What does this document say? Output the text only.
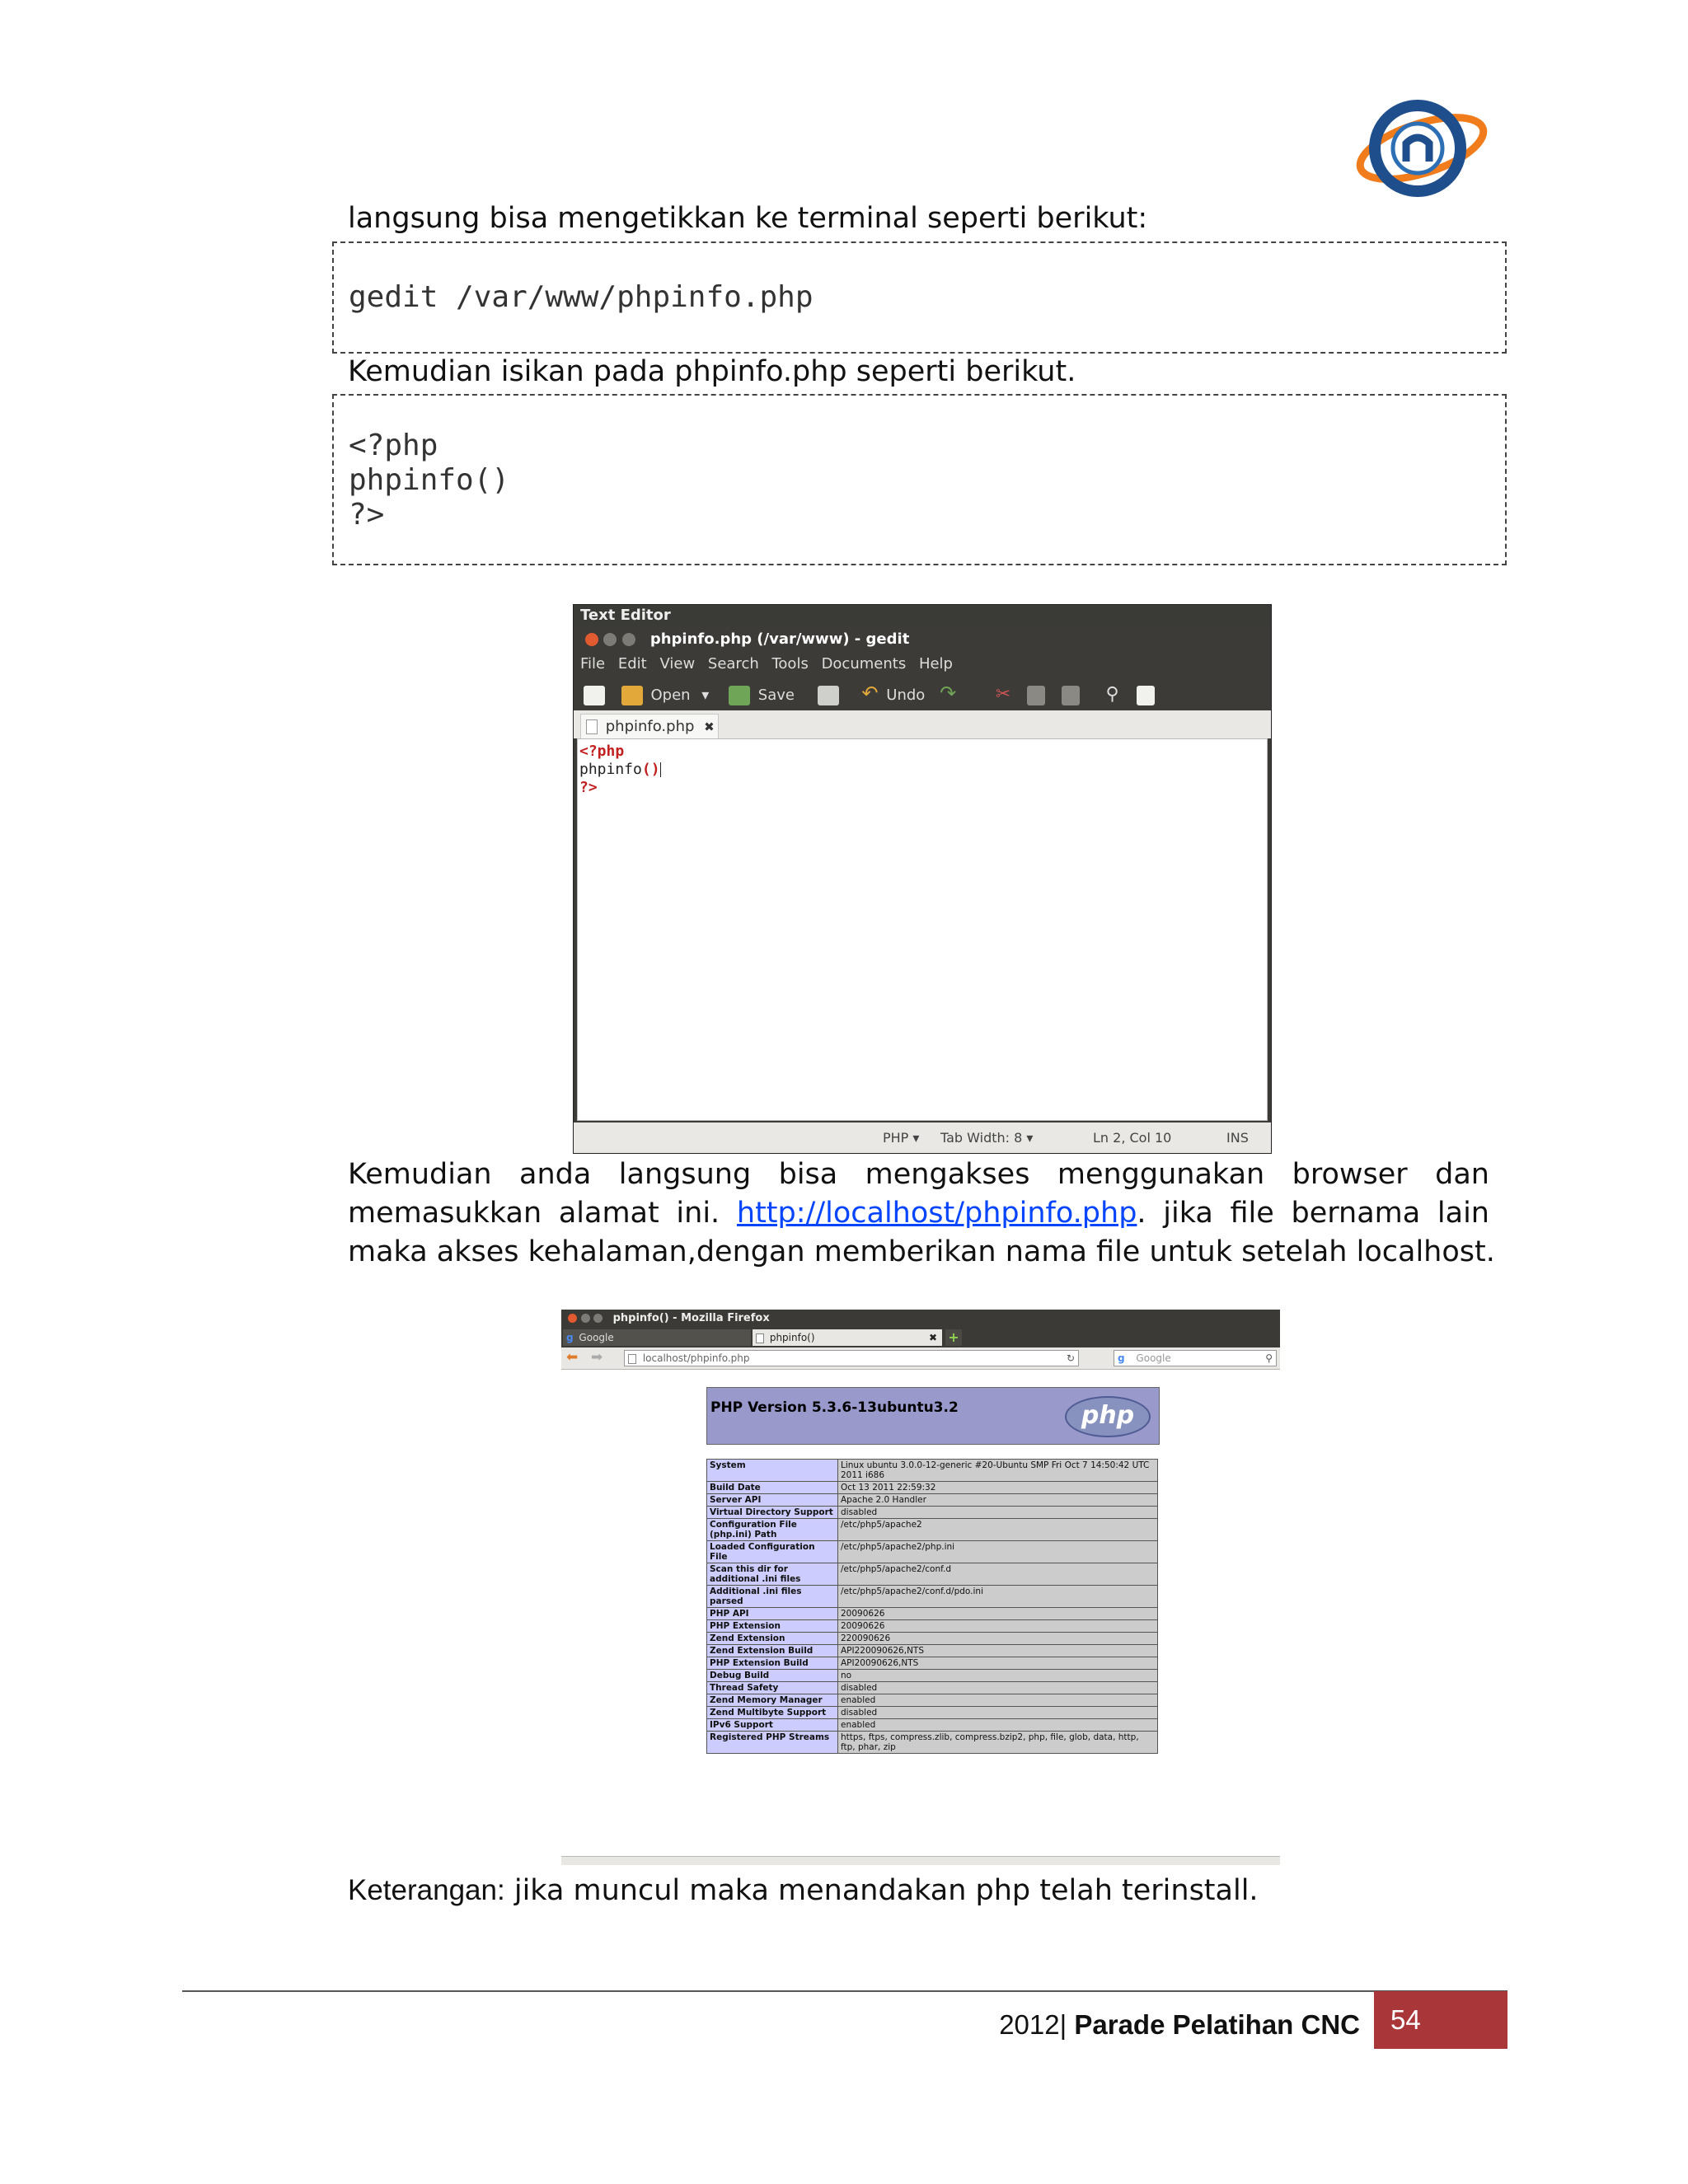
langsung bisa mengetikkan ke terminal seperti berikut:
gedit /var/www/phpinfo.php
Kemudian isikan pada phpinfo.php seperti berikut.
<?php
phpinfo()
?>
Text Editor
phpinfo.php (/var/www) - gedit
File Edit View Search Tools Documents Help
Open ▾	Save	↶ Undo ↷ ✂	⚲
phpinfo.php ✖
<?php
phpinfo()
?>
PHP ▾ Tab Width: 8 ▾	Ln 2, Col 10	INS
Kemudian anda langsung bisa mengakses menggunakan browser dan
memasukkan alamat ini. http://localhost/phpinfo.php. jika file bernama lain
maka akses kehalaman,dengan memberikan nama file untuk setelah localhost.
phpinfo() - Mozilla Firefox
g Google	phpinfo()	✖ +
⬅ ➡	localhost/phpinfo.php	↻	g Google	⚲
PHP Version 5.3.6-13ubuntu3.2	php
System	Linux ubuntu 3.0.0-12-generic #20-Ubuntu SMP Fri Oct 7 14:50:42 UTC 2011 i686
Build Date	Oct 13 2011 22:59:32
Server API	Apache 2.0 Handler
Virtual Directory Support	disabled
Configuration File (php.ini) Path	/etc/php5/apache2
Loaded Configuration File	/etc/php5/apache2/php.ini
Scan this dir for additional .ini files	/etc/php5/apache2/conf.d
Additional .ini files parsed	/etc/php5/apache2/conf.d/pdo.ini
PHP API	20090626
PHP Extension	20090626
Zend Extension	220090626
Zend Extension Build	API220090626,NTS
PHP Extension Build	API20090626,NTS
Debug Build	no
Thread Safety	disabled
Zend Memory Manager	enabled
Zend Multibyte Support	disabled
IPv6 Support	enabled
Registered PHP Streams	https, ftps, compress.zlib, compress.bzip2, php, file, glob, data, http, ftp, phar, zip
Keterangan: jika muncul maka menandakan php telah terinstall.
2012| Parade Pelatihan CNC	54
